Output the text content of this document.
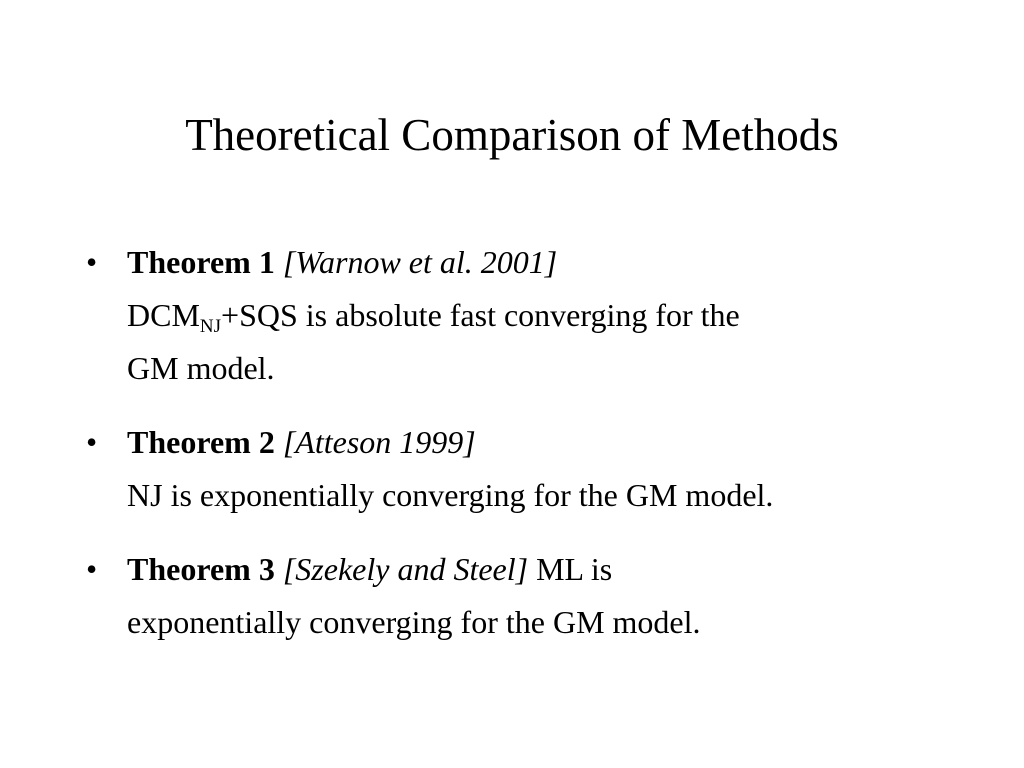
Theoretical Comparison of Methods
• Theorem 1 [Warnow et al. 2001]
$DCM_{NJ}+SQS$ is absolute fast converging for the
GM model.
• Theorem 2 [Atteson 1999]
NJ is exponentially converging for the GM model.
• Theorem 3 [Szekely and Steel] ML is
exponentially converging for the GM model.
